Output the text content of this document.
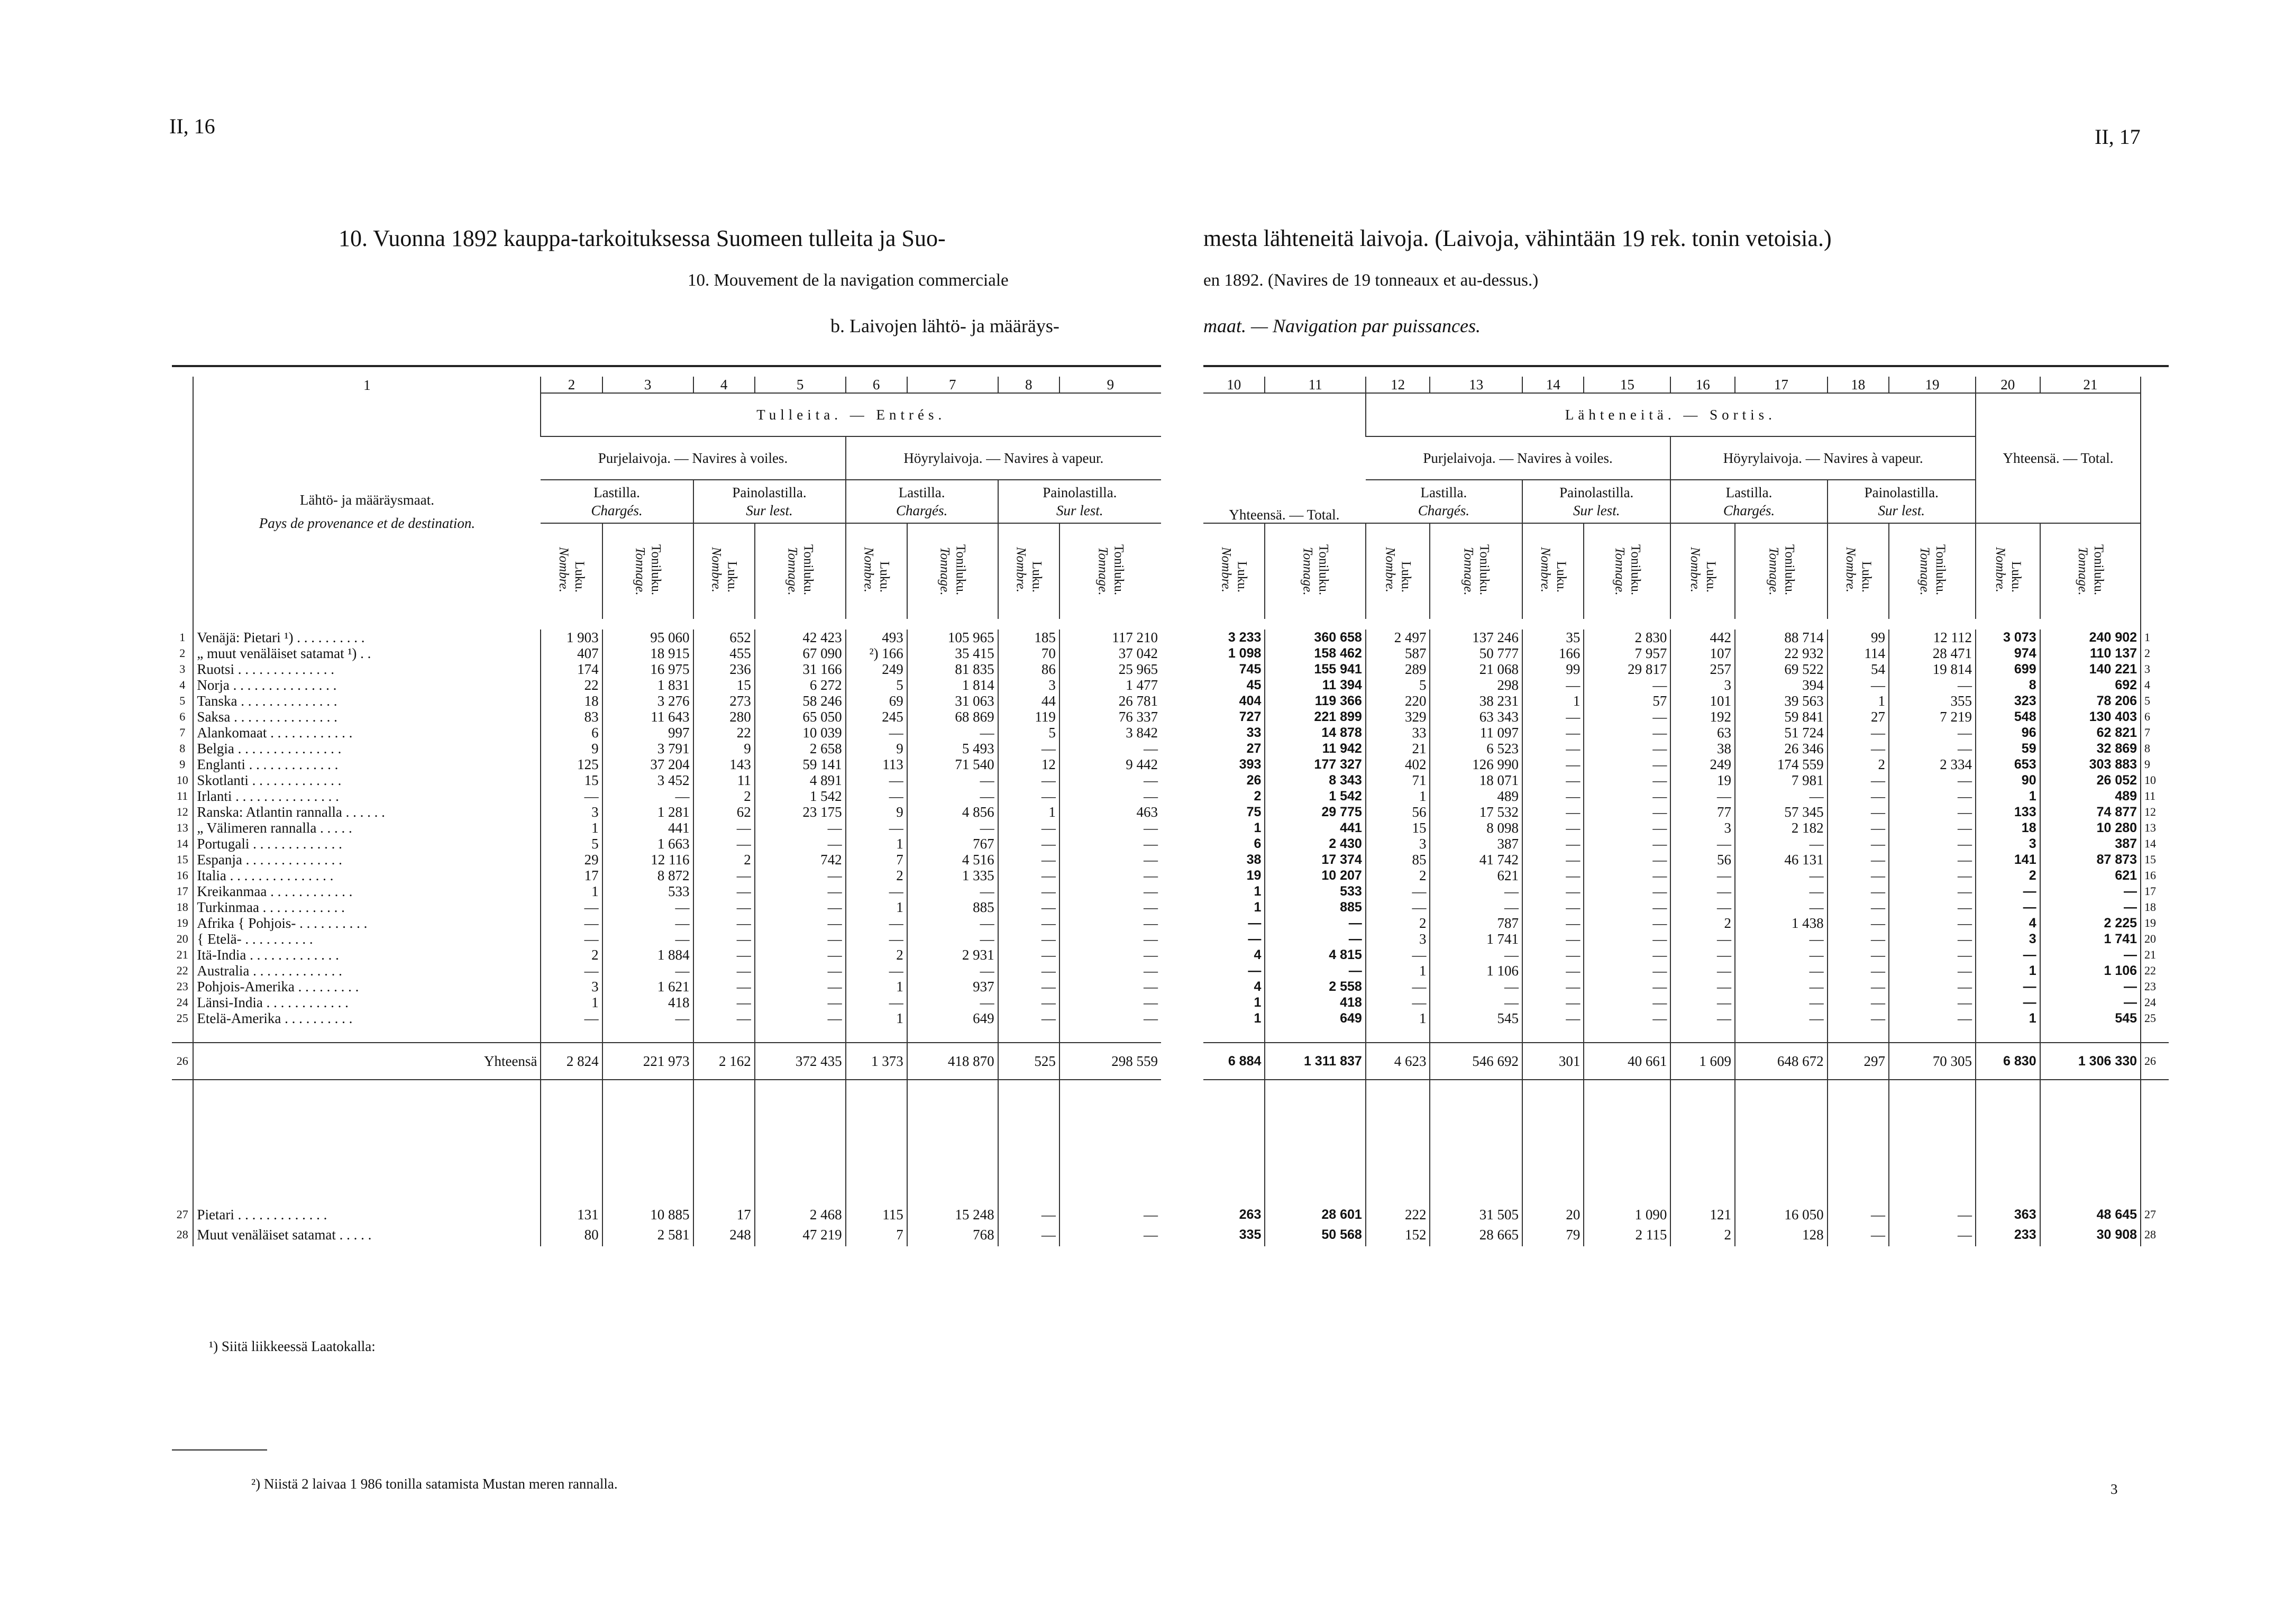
II, 16	II, 17
10. Vuonna 1892 kauppa-tarkoituksessa Suomeen tulleita ja Suo-	mesta lähteneitä laivoja. (Laivoja, vähintään 19 rek. tonin vetoisia.)
10. Mouvement de la navigation commerciale	en 1892. (Navires de 19 tonneaux et au-dessus.)
b. Laivojen lähtö- ja määräys-	maat. — Navigation par puissances.
	1	2	3	4	5	6	7	8	9

	Lähtö- ja määräysmaat.
Pays de provenance et de destination.	Tulleita. — Entrés.							
		Purjelaivoja. — Navires à voiles.				Höyrylaivoja. — Navires à vapeur.			
		Lastilla.
Chargés.		Painolastilla.
Sur lest.		Lastilla.
Chargés.		Painolastilla.
Sur lest.	
		Nombre. Luku.	Tonnage. Toniluku.	Nombre. Luku.	Tonnage. Toniluku.	Nombre. Luku.	Tonnage. Toniluku.	Nombre. Luku.	Tonnage. Toniluku.

1	Venäjä: Pietari ¹) . . . . . . . . . .	1 903	95 060	652	42 423	493	105 965	185	117 210
2	„ muut venäläiset satamat ¹) . .	407	18 915	455	67 090	²) 166	35 415	70	37 042
3	Ruotsi . . . . . . . . . . . . . .	174	16 975	236	31 166	249	81 835	86	25 965
4	Norja . . . . . . . . . . . . . . .	22	1 831	15	6 272	5	1 814	3	1 477
5	Tanska . . . . . . . . . . . . . .	18	3 276	273	58 246	69	31 063	44	26 781
6	Saksa . . . . . . . . . . . . . . .	83	11 643	280	65 050	245	68 869	119	76 337
7	Alankomaat . . . . . . . . . . . .	6	997	22	10 039	—	—	5	3 842
8	Belgia . . . . . . . . . . . . . . .	9	3 791	9	2 658	9	5 493	—	—
9	Englanti . . . . . . . . . . . . .	125	37 204	143	59 141	113	71 540	12	9 442
10	Skotlanti . . . . . . . . . . . . .	15	3 452	11	4 891	—	—	—	—
11	Irlanti . . . . . . . . . . . . . . .	—	—	2	1 542	—	—	—	—
12	Ranska: Atlantin rannalla . . . . . .	3	1 281	62	23 175	9	4 856	1	463
13	„ Välimeren rannalla . . . . .	1	441	—	—	—	—	—	—
14	Portugali . . . . . . . . . . . . .	5	1 663	—	—	1	767	—	—
15	Espanja . . . . . . . . . . . . . .	29	12 116	2	742	7	4 516	—	—
16	Italia . . . . . . . . . . . . . . .	17	8 872	—	—	2	1 335	—	—
17	Kreikanmaa . . . . . . . . . . . .	1	533	—	—	—	—	—	—
18	Turkinmaa . . . . . . . . . . . .	—	—	—	—	1	885	—	—
19	Afrika { Pohjois- . . . . . . . . . .	—	—	—	—	—	—	—	—
20	{ Etelä- . . . . . . . . . .	—	—	—	—	—	—	—	—
21	Itä-India . . . . . . . . . . . . .	2	1 884	—	—	2	2 931	—	—
22	Australia . . . . . . . . . . . . .	—	—	—	—	—	—	—	—
23	Pohjois-Amerika . . . . . . . . .	3	1 621	—	—	1	937	—	—
24	Länsi-India . . . . . . . . . . . .	1	418	—	—	—	—	—	—
25	Etelä-Amerika . . . . . . . . . .	—	—	—	—	1	649	—	—

26	Yhteensä	2 824	221 973	2 162	372 435	1 373	418 870	525	298 559

27	Pietari . . . . . . . . . . . . .	131	10 885	17	2 468	115	15 248	—	—
28	Muut venäläiset satamat . . . . .	80	2 581	248	47 219	7	768	—	—
10	11	12	13	14	15	16	17	18	19	20	21	
Yhteensä. — Total.		Lähteneitä. — Sortis.								Yhteensä. — Total.		
		Purjelaivoja. — Navires à voiles.				Höyrylaivoja. — Navires à vapeur.						
		Lastilla.
Chargés.		Painolastilla.
Sur lest.		Lastilla.
Chargés.		Painolastilla.
Sur lest.				
Nombre. Luku.	Tonnage. Toniluku.	Nombre. Luku.	Tonnage. Toniluku.	Nombre. Luku.	Tonnage. Toniluku.	Nombre. Luku.	Tonnage. Toniluku.	Nombre. Luku.	Tonnage. Toniluku.	Nombre. Luku.	Tonnage. Toniluku.	

3 233	360 658	2 497	137 246	35	2 830	442	88 714	99	12 112	3 073	240 902	1
1 098	158 462	587	50 777	166	7 957	107	22 932	114	28 471	974	110 137	2
745	155 941	289	21 068	99	29 817	257	69 522	54	19 814	699	140 221	3
45	11 394	5	298	—	—	3	394	—	—	8	692	4
404	119 366	220	38 231	1	57	101	39 563	1	355	323	78 206	5
727	221 899	329	63 343	—	—	192	59 841	27	7 219	548	130 403	6
33	14 878	33	11 097	—	—	63	51 724	—	—	96	62 821	7
27	11 942	21	6 523	—	—	38	26 346	—	—	59	32 869	8
393	177 327	402	126 990	—	—	249	174 559	2	2 334	653	303 883	9
26	8 343	71	18 071	—	—	19	7 981	—	—	90	26 052	10
2	1 542	1	489	—	—	—	—	—	—	1	489	11
75	29 775	56	17 532	—	—	77	57 345	—	—	133	74 877	12
1	441	15	8 098	—	—	3	2 182	—	—	18	10 280	13
6	2 430	3	387	—	—	—	—	—	—	3	387	14
38	17 374	85	41 742	—	—	56	46 131	—	—	141	87 873	15
19	10 207	2	621	—	—	—	—	—	—	2	621	16
1	533	—	—	—	—	—	—	—	—	—	—	17
1	885	—	—	—	—	—	—	—	—	—	—	18
—	—	2	787	—	—	2	1 438	—	—	4	2 225	19
—	—	3	1 741	—	—	—	—	—	—	3	1 741	20
4	4 815	—	—	—	—	—	—	—	—	—	—	21
—	—	1	1 106	—	—	—	—	—	—	1	1 106	22
4	2 558	—	—	—	—	—	—	—	—	—	—	23
1	418	—	—	—	—	—	—	—	—	—	—	24
1	649	1	545	—	—	—	—	—	—	1	545	25

6 884	1 311 837	4 623	546 692	301	40 661	1 609	648 672	297	70 305	6 830	1 306 330	26

263	28 601	222	31 505	20	1 090	121	16 050	—	—	363	48 645	27
335	50 568	152	28 665	79	2 115	2	128	—	—	233	30 908	28
¹) Siitä liikkeessä Laatokalla:
²) Niistä 2 laivaa 1 986 tonilla satamista Mustan meren rannalla.	3
